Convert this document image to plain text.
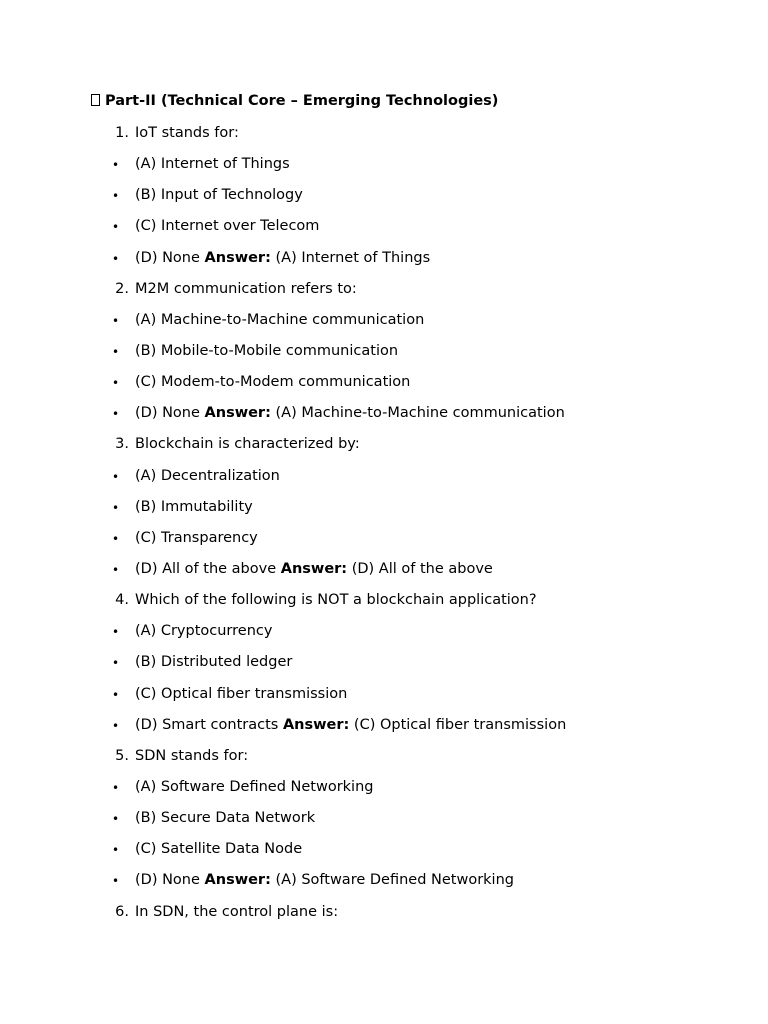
Part-II (Technical Core – Emerging Technologies)
1. IoT stands for:
• (A) Internet of Things
• (B) Input of Technology
• (C) Internet over Telecom
• (D) None Answer: (A) Internet of Things
2. M2M communication refers to:
• (A) Machine-to-Machine communication
• (B) Mobile-to-Mobile communication
• (C) Modem-to-Modem communication
• (D) None Answer: (A) Machine-to-Machine communication
3. Blockchain is characterized by:
• (A) Decentralization
• (B) Immutability
• (C) Transparency
• (D) All of the above Answer: (D) All of the above
4. Which of the following is NOT a blockchain application?
• (A) Cryptocurrency
• (B) Distributed ledger
• (C) Optical fiber transmission
• (D) Smart contracts Answer: (C) Optical fiber transmission
5. SDN stands for:
• (A) Software Defined Networking
• (B) Secure Data Network
• (C) Satellite Data Node
• (D) None Answer: (A) Software Defined Networking
6. In SDN, the control plane is:
